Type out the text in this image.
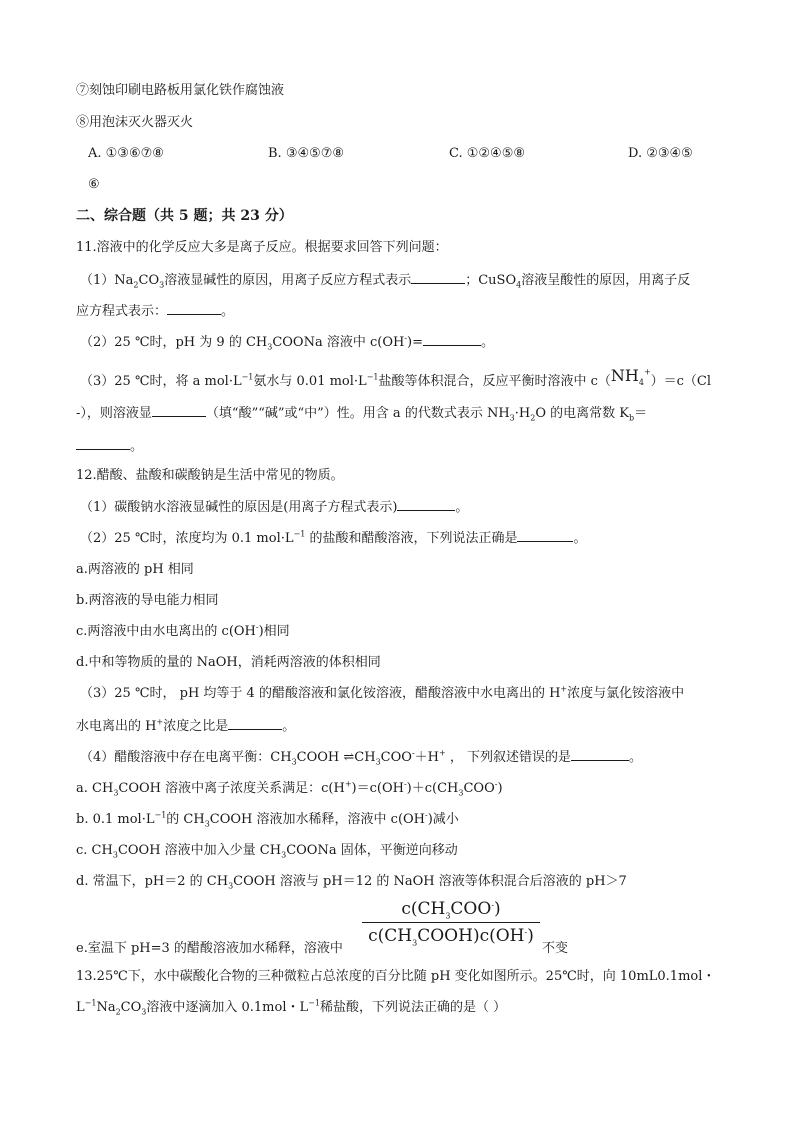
⑦刻蚀印刷电路板用氯化铁作腐蚀液
⑧用泡沫灭火器灭火
A. ①③⑥⑦⑧	B. ③④⑤⑦⑧	C. ①②④⑤⑧	D. ②③④⑤
⑥
二、综合题（共 5 题；共 23 分）
11.溶液中的化学反应大多是离子反应。根据要求回答下列问题：
$(1)Na_2CO_3$溶液显碱性的原因，用离子反应方程式表示	；CuSO$_4$溶液呈酸性的原因，用离子反
应方程式表示：	。
（2）25 ℃时，pH 为 9 的 $CH_3COONa$ 溶液中 c(OH-)=	。
（3）25 ℃时，将 a $mol\cdot L^{-1}$氨水与 0.01 $mol\cdot L^{-1}$盐酸等体积混合，反应平衡时溶液中 $c(NH_4^+)=c(Cl$
-），则溶液显	（填“酸”“碱”或“中”）性。用含 a 的代数式表示 $NH_3\cdot H_2O$ 的电离常数 $K_b=$
。
12.醋酸、盐酸和碳酸钠是生活中常见的物质。
（1）碳酸钠水溶液显碱性的原因是(用离子方程式表示)	。
（2）25 ℃时，浓度均为 0.1 $mol\cdot L^{-1}$ 的盐酸和醋酸溶液，下列说法正确是	。
a.两溶液的 pH 相同
b.两溶液的导电能力相同
c.两溶液中由水电离出的 c(OH-)相同
d.中和等物质的量的 NaOH，消耗两溶液的体积相同
（3）25 ℃时， pH 均等于 4 的醋酸溶液和氯化铵溶液，醋酸溶液中水电离出的 H+浓度与氯化铵溶液中
水电离出的 H+浓度之比是	。
（4）醋酸溶液中存在电离平衡：$CH_3COOH$ $\rightleftharpoons CH_3COO^-+H^+$ ， 下列叙述错误的是	。
a. $CH_3COOH$ 溶液中离子浓度关系满足：$c(H^+)=c(OH^-)+c(CH_3COO^-)$
b. 0.1 $mol\cdot L^{-1}$的 $CH_3COOH$ 溶液加水稀释，溶液中 c(OH-)减小
c. $CH_3COOH$ 溶液中加入少量 $CH_3COONa$ 固体，平衡逆向移动
d. 常温下，pH＝2 的 $CH_3COOH$ 溶液与 pH＝12 的 NaOH 溶液等体积混合后溶液的 pH＞7
$c(CH_3COO^-)$
$c(CH_3COOH)c(OH^-)$
e.室温下 pH=3 的醋酸溶液加水稀释，溶液中	不变
13.25℃下，水中碳酸化合物的三种微粒占总浓度的百分比随 pH 变化如图所示。25℃时，向 10mL0.1mol・
$L^{-1}Na_2CO_3$溶液中逐滴加入 0.1mol・$L^{-1}$稀盐酸，下列说法正确的是（ ）
